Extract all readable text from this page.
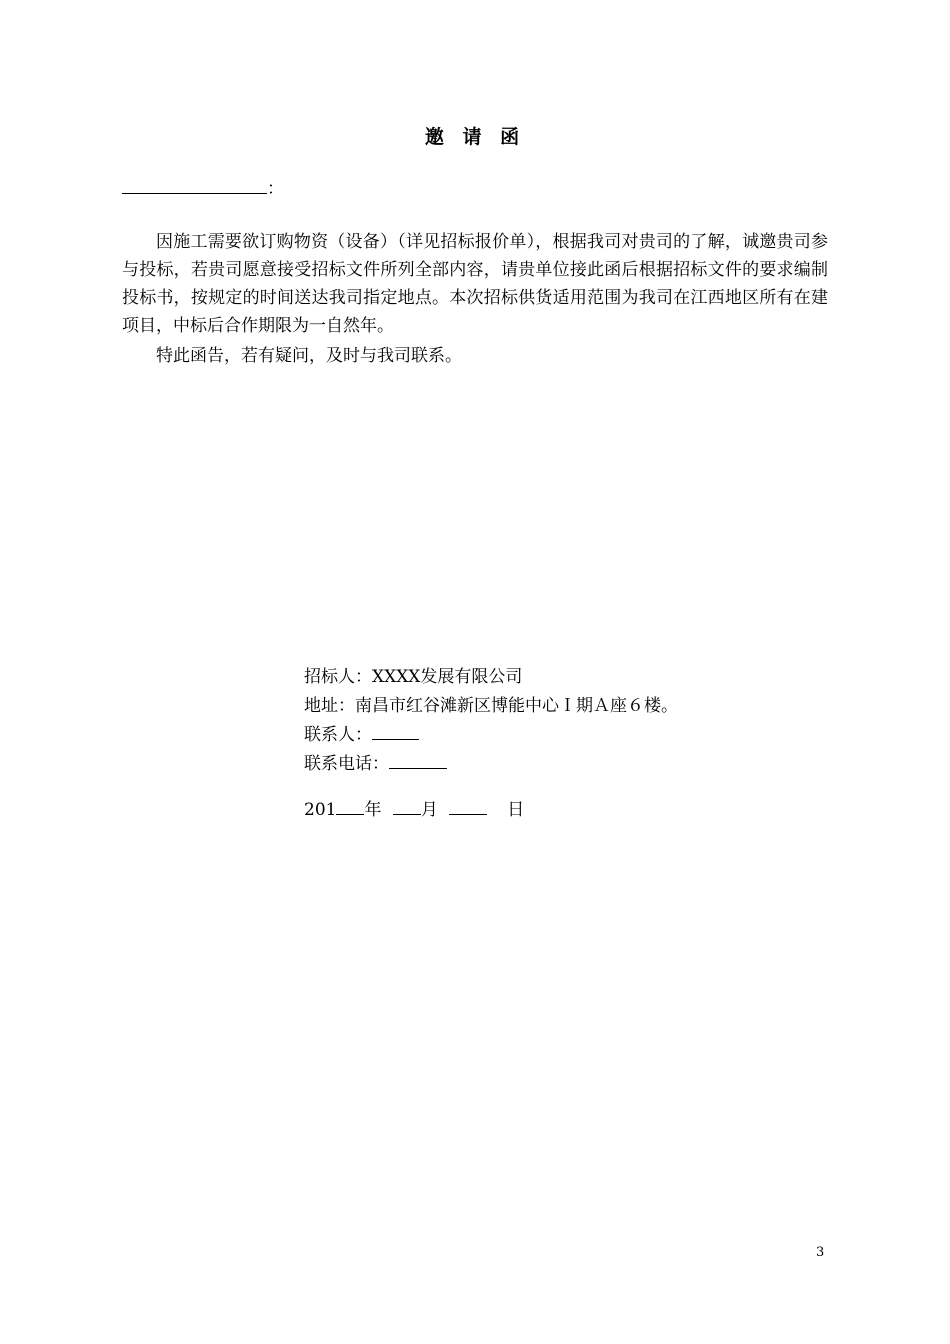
邀 请 函
：
因施工需要欲订购物资（设备）（详见招标报价单），根据我司对贵司的了解，诚邀贵司参与投标，若贵司愿意接受招标文件所列全部内容，请贵单位接此函后根据招标文件的要求编制投标书，按规定的时间送达我司指定地点。本次招标供货适用范围为我司在江西地区所有在建项目，中标后合作期限为一自然年。
特此函告，若有疑问，及时与我司联系。
招标人：XXXX发展有限公司
地址：南昌市红谷滩新区博能中心Ｉ期Ａ座６楼。
联系人：
联系电话：
201 年 月	日
3
